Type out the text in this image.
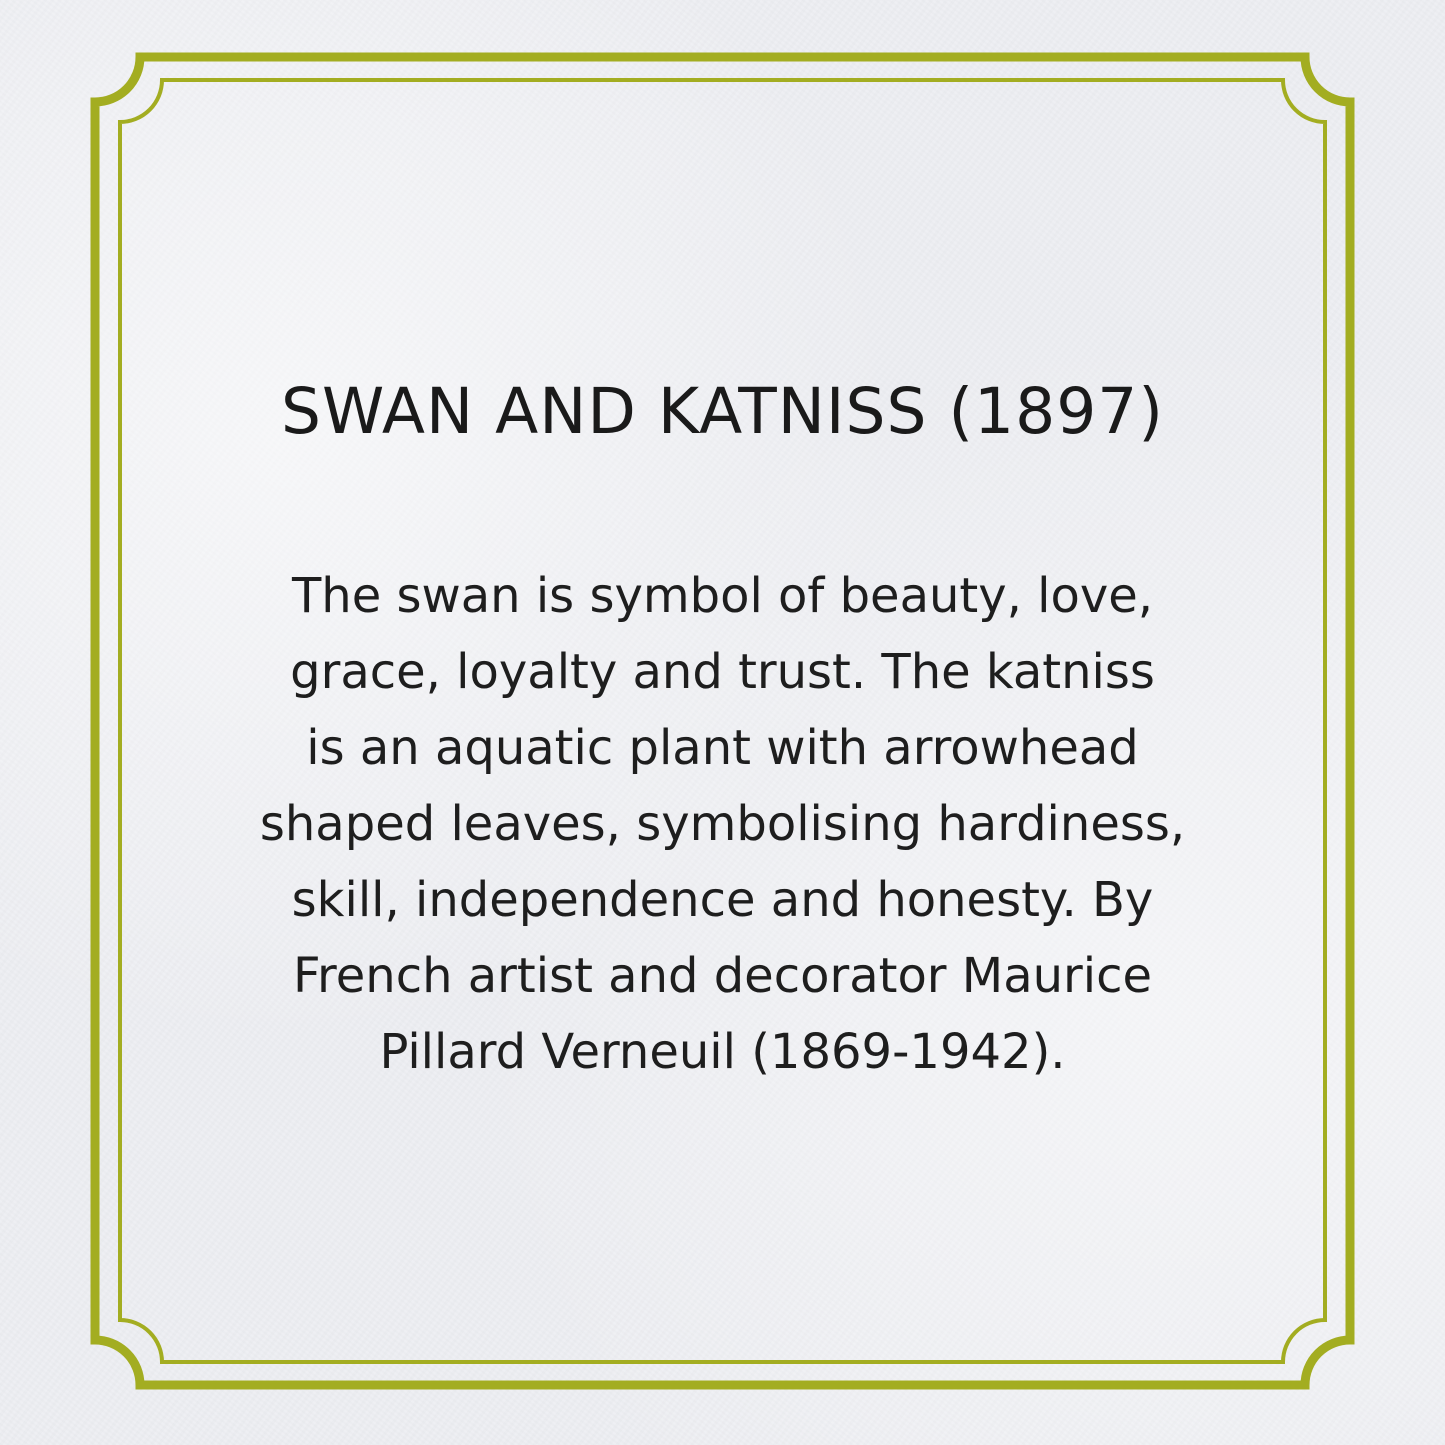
SWAN AND KATNISS (1897)
The swan is symbol of beauty, love,
grace, loyalty and trust. The katniss
is an aquatic plant with arrowhead
shaped leaves, symbolising hardiness,
skill, independence and honesty. By
French artist and decorator Maurice
Pillard Verneuil (1869-1942).
